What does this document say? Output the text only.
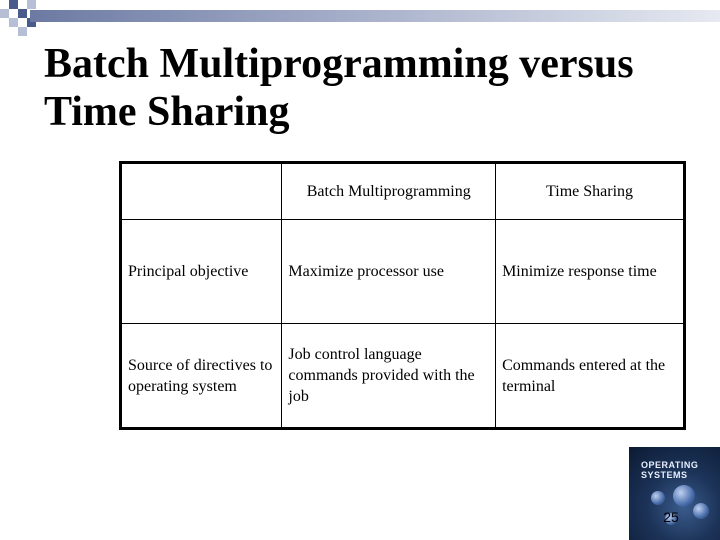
Batch Multiprogramming versus Time Sharing
	Batch Multiprogramming	Time Sharing
Principal objective	Maximize processor use	Minimize response time
Source of directives to operating system	Job control language commands provided with the job	Commands entered at the terminal
OPERATING SYSTEMS
25
